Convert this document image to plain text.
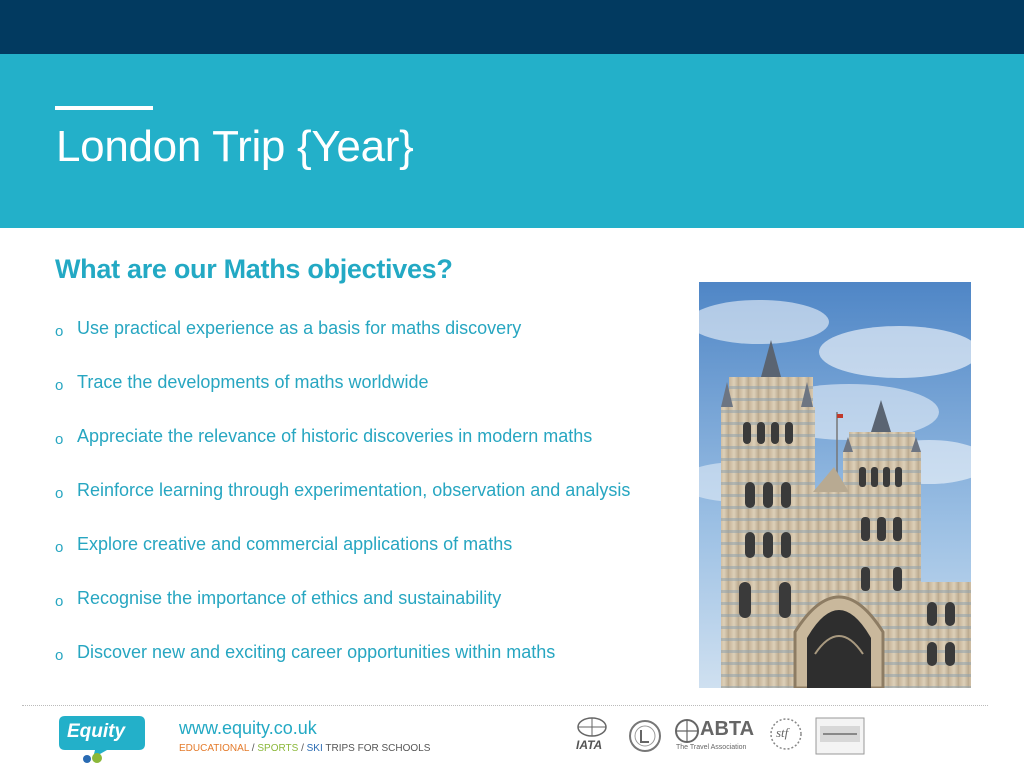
London Trip {Year}
What are our Maths objectives?
o Use practical experience as a basis for maths discovery
o Trace the developments of maths worldwide
o Appreciate the relevance of historic discoveries in modern maths
o Reinforce learning through experimentation, observation and analysis
o Explore creative and commercial applications of maths
o Recognise the importance of ethics and sustainability
o Discover new and exciting career opportunities within maths
Equity	www.equity.co.uk
EDUCATIONAL / SPORTS / SKI TRIPS FOR SCHOOLS	IATA
ABTA
The Travel Association
stf
